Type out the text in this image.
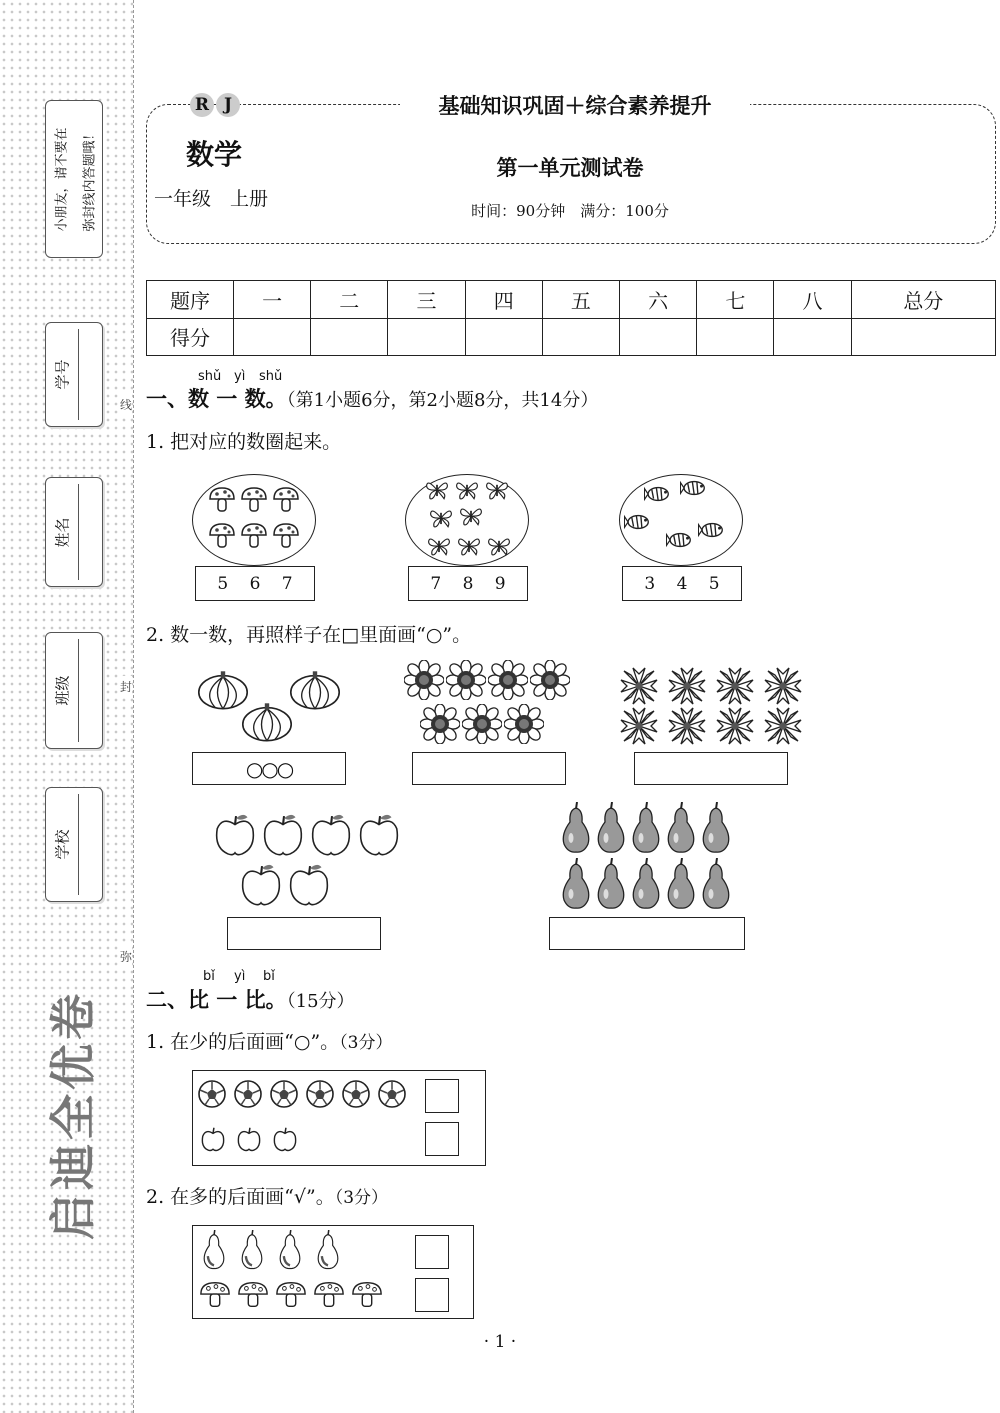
小朋友，请不要在	弥封线内答题哦！
学号
姓名
班级
学校
线
封
弥
启迪全优卷
R J	基础知识巩固＋综合素养提升
数学
一年级　上册
第一单元测试卷
时间：90分钟　满分：100分
题序	一	二	三	四	五	六	七	八	总分
得分									
shǔ yì shǔ
一、数 一 数。（第1小题6分，第2小题8分，共14分）
1. 把对应的数圈起来。
5 6 7	7 8 9	3 4 5
2. 数一数，再照样子在□里面画“○”。
○○○
bǐ yì bǐ
二、比 一 比。（15分）
1. 在少的后面画“○”。（3分）
2. 在多的后面画“√”。（3分）
· 1 ·
